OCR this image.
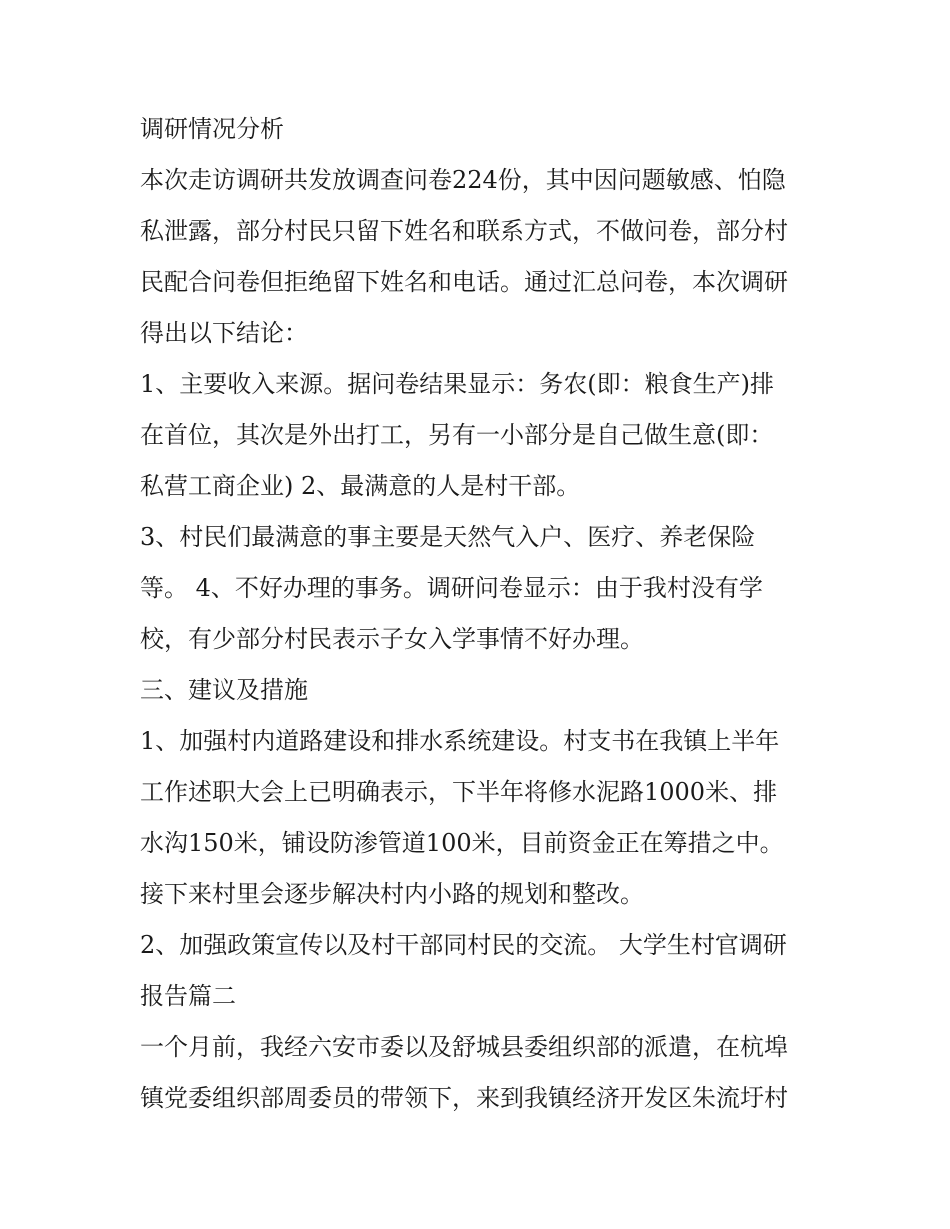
调研情况分析
本次走访调研共发放调查问卷224份，其中因问题敏感、怕隐
私泄露，部分村民只留下姓名和联系方式，不做问卷，部分村
民配合问卷但拒绝留下姓名和电话。通过汇总问卷，本次调研
得出以下结论：
1、主要收入来源。据问卷结果显示：务农(即：粮食生产)排
在首位，其次是外出打工，另有一小部分是自己做生意(即：
私营工商企业) 2、最满意的人是村干部。
3、村民们最满意的事主要是天然气入户、医疗、养老保险
等。 4、不好办理的事务。调研问卷显示：由于我村没有学
校，有少部分村民表示子女入学事情不好办理。
三、建议及措施
1、加强村内道路建设和排水系统建设。村支书在我镇上半年
工作述职大会上已明确表示，下半年将修水泥路1000米、排
水沟150米，铺设防渗管道100米，目前资金正在筹措之中。
接下来村里会逐步解决村内小路的规划和整改。
2、加强政策宣传以及村干部同村民的交流。 大学生村官调研
报告篇二
一个月前，我经六安市委以及舒城县委组织部的派遣，在杭埠
镇党委组织部周委员的带领下，来到我镇经济开发区朱流圩村
